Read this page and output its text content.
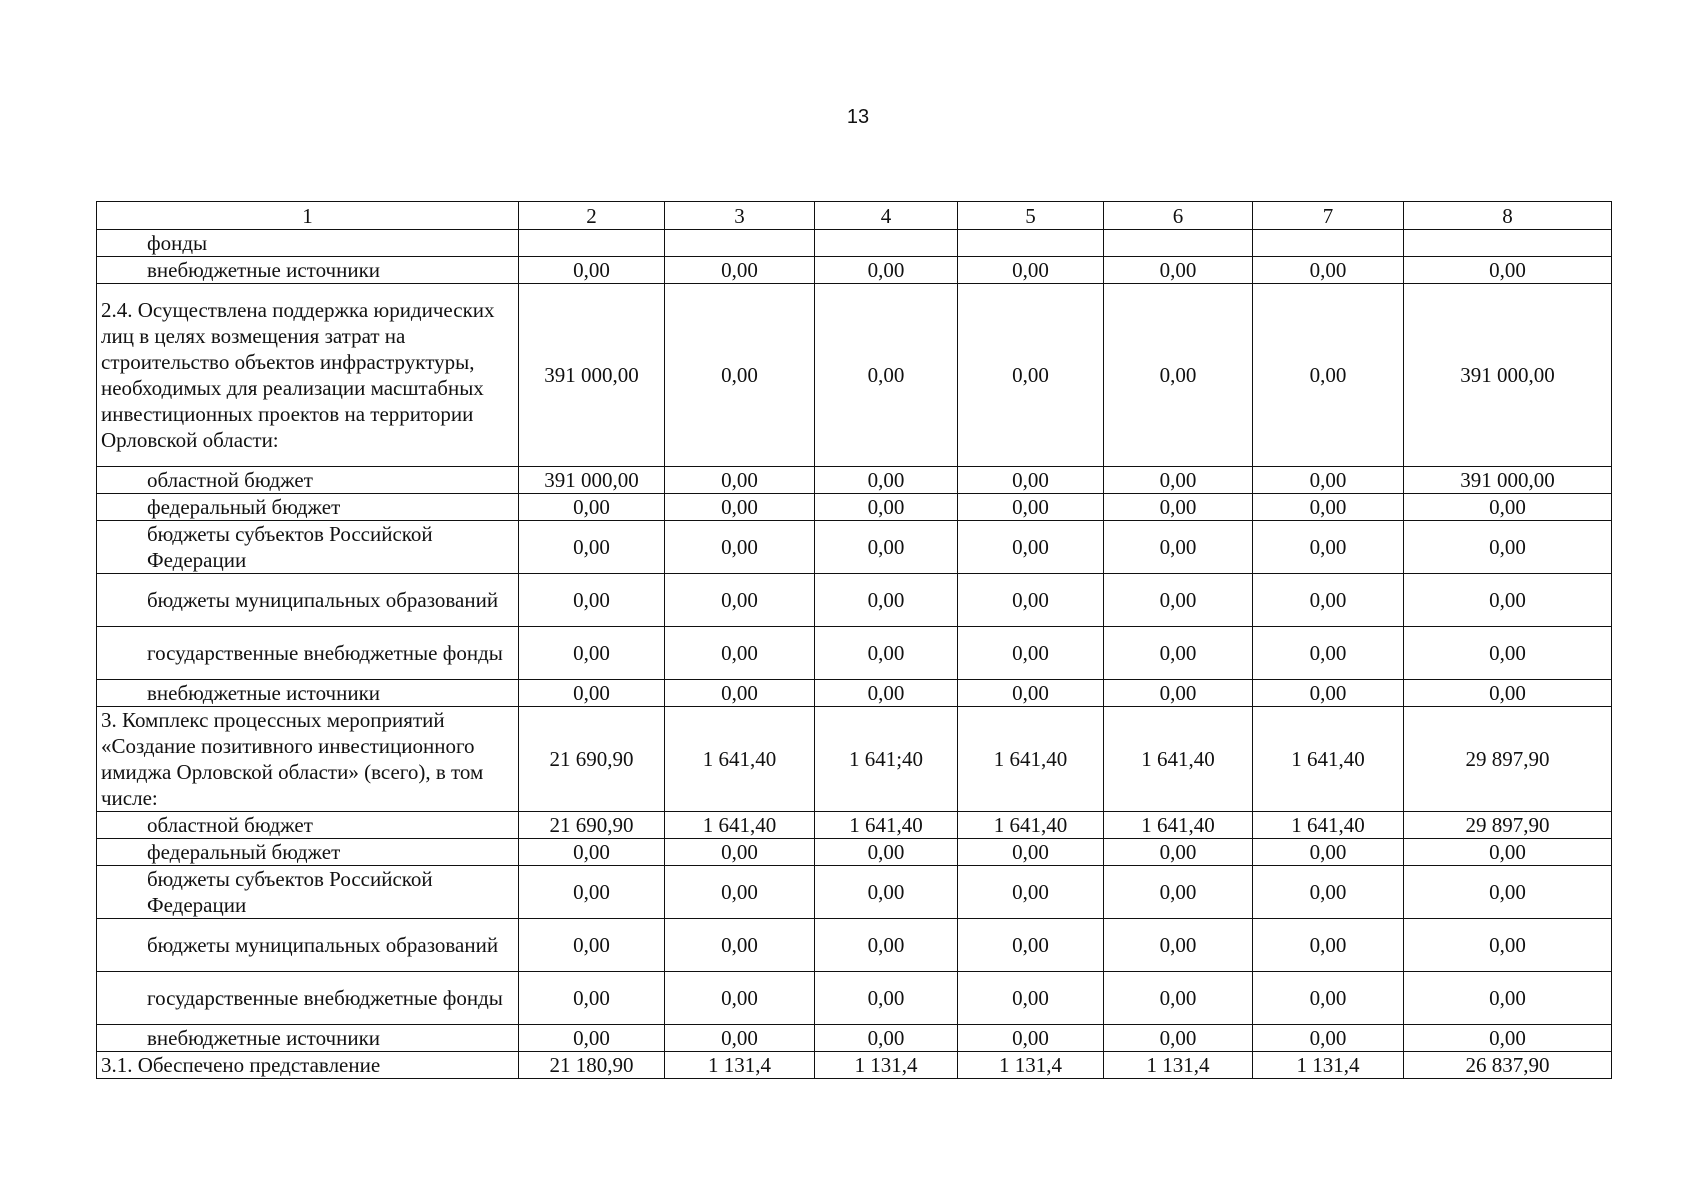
13
1	2	3	4	5	6	7	8
фонды							
внебюджетные источники	0,00	0,00	0,00	0,00	0,00	0,00	0,00
2.4. Осуществлена поддержка юридических лиц в целях возмещения затрат на строительство объектов инфраструктуры, необходимых для реализации масштабных инвестиционных проектов на территории Орловской области:	391 000,00	0,00	0,00	0,00	0,00	0,00	391 000,00
областной бюджет	391 000,00	0,00	0,00	0,00	0,00	0,00	391 000,00
федеральный бюджет	0,00	0,00	0,00	0,00	0,00	0,00	0,00
бюджеты субъектов Российской Федерации	0,00	0,00	0,00	0,00	0,00	0,00	0,00
бюджеты муниципальных образований	0,00	0,00	0,00	0,00	0,00	0,00	0,00
государственные внебюджетные фонды	0,00	0,00	0,00	0,00	0,00	0,00	0,00
внебюджетные источники	0,00	0,00	0,00	0,00	0,00	0,00	0,00
3. Комплекс процессных мероприятий «Создание позитивного инвестиционного имиджа Орловской области» (всего), в том числе:	21 690,90	1 641,40	1 641;40	1 641,40	1 641,40	1 641,40	29 897,90
областной бюджет	21 690,90	1 641,40	1 641,40	1 641,40	1 641,40	1 641,40	29 897,90
федеральный бюджет	0,00	0,00	0,00	0,00	0,00	0,00	0,00
бюджеты субъектов Российской Федерации	0,00	0,00	0,00	0,00	0,00	0,00	0,00
бюджеты муниципальных образований	0,00	0,00	0,00	0,00	0,00	0,00	0,00
государственные внебюджетные фонды	0,00	0,00	0,00	0,00	0,00	0,00	0,00
внебюджетные источники	0,00	0,00	0,00	0,00	0,00	0,00	0,00
3.1. Обеспечено представление	21 180,90	1 131,4	1 131,4	1 131,4	1 131,4	1 131,4	26 837,90
